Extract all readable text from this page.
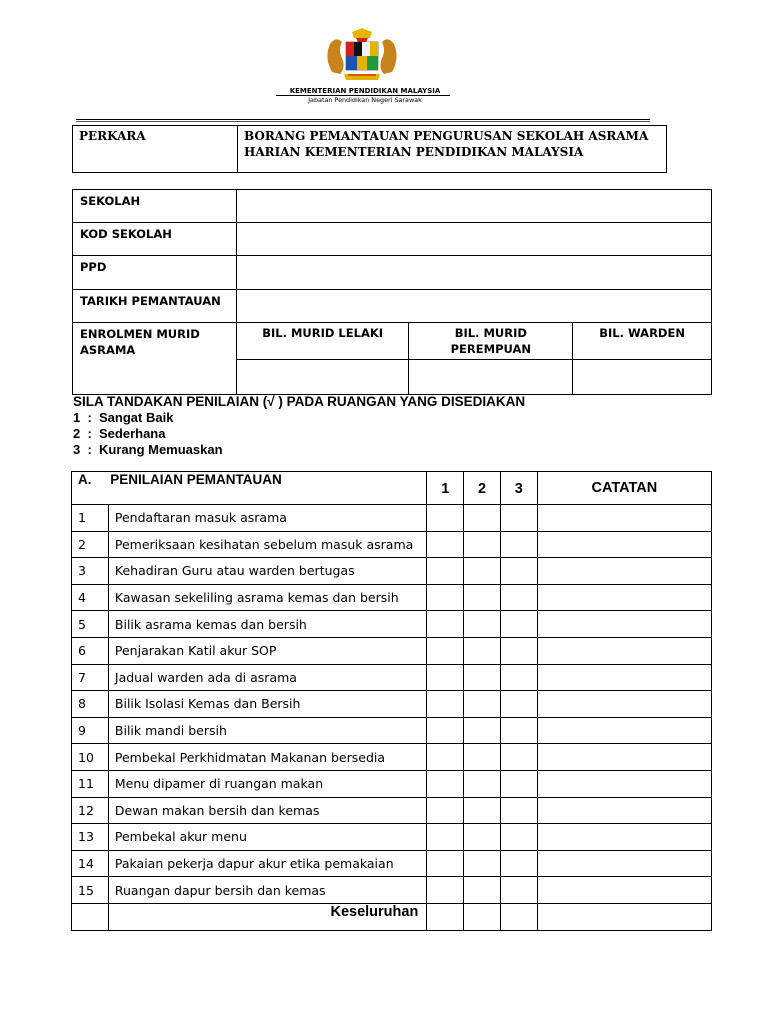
KEMENTERIAN PENDIDIKAN MALAYSIA
Jabatan Pendidikan Negeri Sarawak
PERKARA	BORANG PEMANTAUAN PENGURUSAN SEKOLAH ASRAMA HARIAN KEMENTERIAN PENDIDIKAN MALAYSIA
SEKOLAH			
KOD SEKOLAH			
PPD			
TARIKH PEMANTAUAN			
ENROLMEN MURID ASRAMA	BIL. MURID LELAKI	BIL. MURID PEREMPUAN	BIL. WARDEN

SILA TANDAKAN PENILAIAN (√ ) PADA RUANGAN YANG DISEDIAKAN
1  :  Sangat Baik
2  :  Sederhana
3  :  Kurang Memuaskan
A. PENILAIAN PEMANTAUAN		1	2	3	CATATAN
1	Pendaftaran masuk asrama				
2	Pemeriksaan kesihatan sebelum masuk asrama				
3	Kehadiran Guru atau warden bertugas				
4	Kawasan sekeliling asrama kemas dan bersih				
5	Bilik asrama kemas dan bersih				
6	Penjarakan Katil akur SOP				
7	Jadual warden ada di asrama				
8	Bilik Isolasi Kemas dan Bersih				
9	Bilik mandi bersih				
10	Pembekal Perkhidmatan Makanan bersedia				
11	Menu dipamer di ruangan makan				
12	Dewan makan bersih dan kemas				
13	Pembekal akur menu				
14	Pakaian pekerja dapur akur etika pemakaian				
15	Ruangan dapur bersih dan kemas				
	Keseluruhan				
